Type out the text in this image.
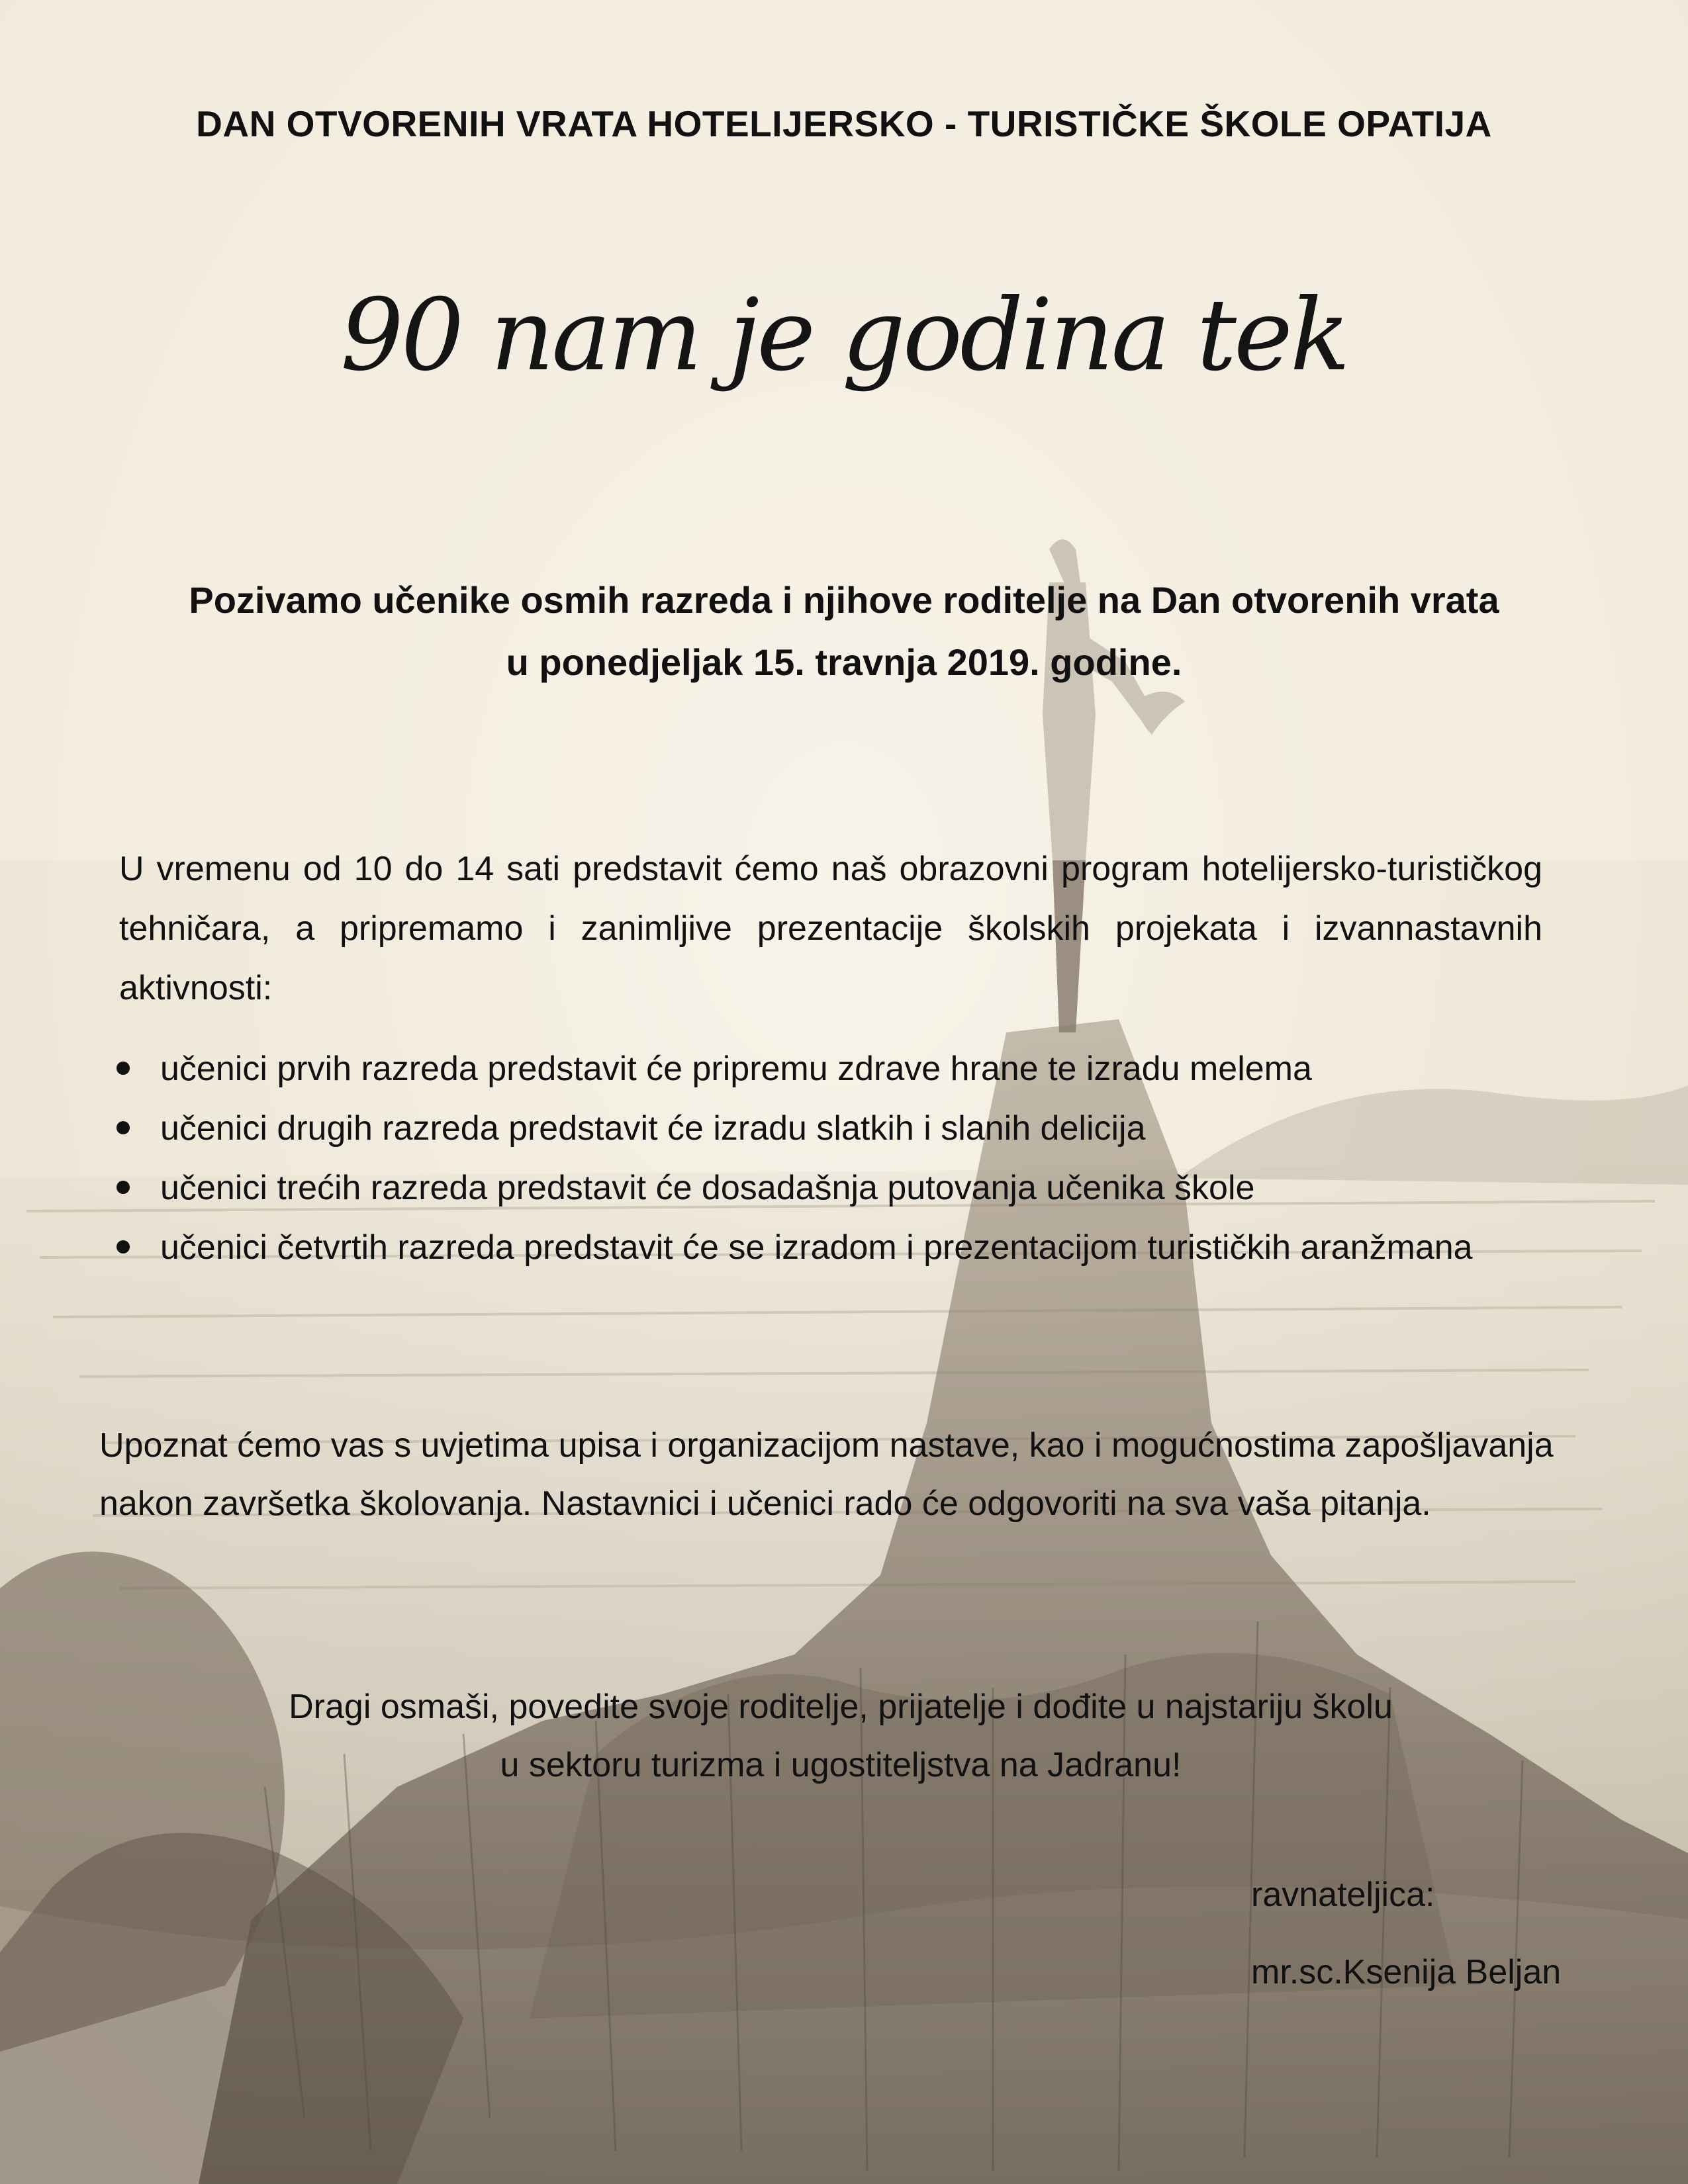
DAN OTVORENIH VRATA HOTELIJERSKO - TURISTIČKE ŠKOLE OPATIJA
90 nam je godina tek
Pozivamo učenike osmih razreda i njihove roditelje na Dan otvorenih vrata
u ponedjeljak 15. travnja 2019. godine.
U vremenu od 10 do 14 sati predstavit ćemo naš obrazovni program hotelijersko-turističkog tehničara, a pripremamo i zanimljive prezentacije školskih projekata i izvannastavnih aktivnosti:
učenici prvih razreda predstavit će pripremu zdrave hrane te izradu melema
učenici drugih razreda predstavit će izradu slatkih i slanih delicija
učenici trećih razreda predstavit će dosadašnja putovanja učenika škole
učenici četvrtih razreda predstavit će se izradom i prezentacijom turističkih aranžmana
Upoznat ćemo vas s uvjetima upisa i organizacijom nastave, kao i mogućnostima zapošljavanja nakon završetka školovanja. Nastavnici i učenici rado će odgovoriti na sva vaša pitanja.
Dragi osmaši, povedite svoje roditelje, prijatelje i dođite u najstariju školu
u sektoru turizma i ugostiteljstva na Jadranu!
ravnateljica:
mr.sc.Ksenija Beljan
